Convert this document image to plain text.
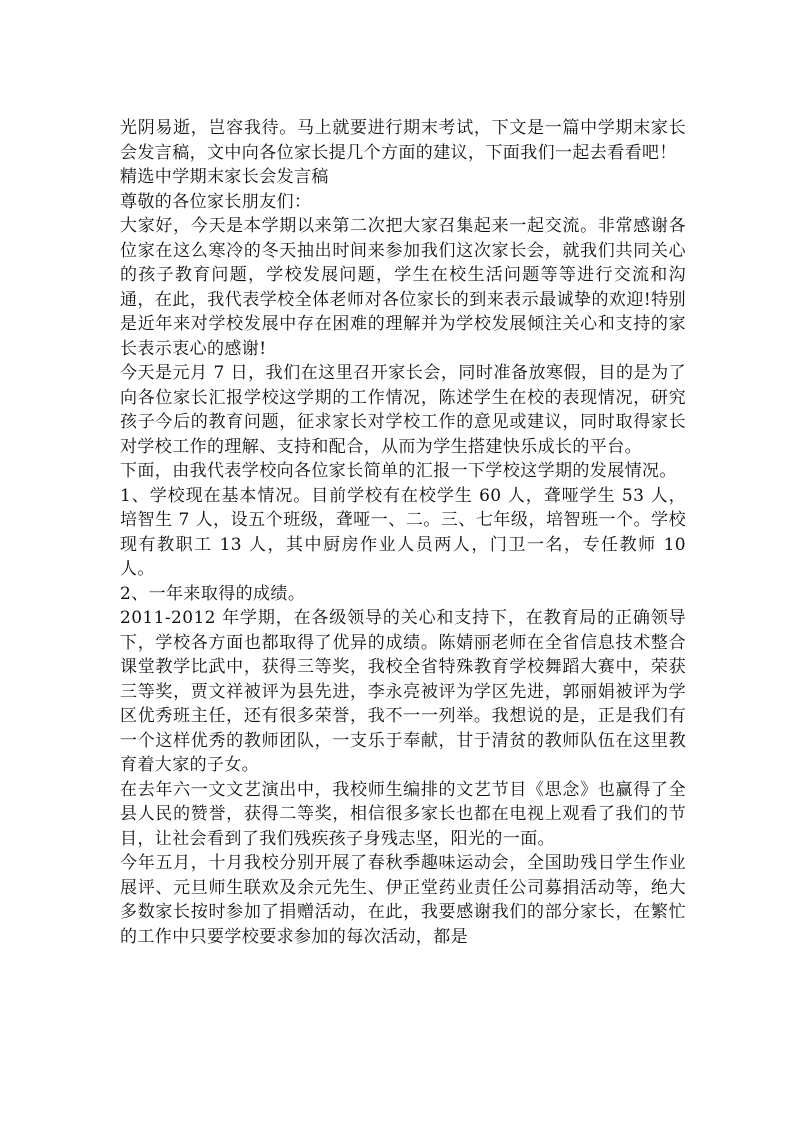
光阴易逝，岂容我待。马上就要进行期末考试，下文是一篇中学期末家长会发言稿，文中向各位家长提几个方面的建议，下面我们一起去看看吧！

精选中学期末家长会发言稿

尊敬的各位家长朋友们：

大家好，今天是本学期以来第二次把大家召集起来一起交流。非常感谢各位家在这么寒冷的冬天抽出时间来参加我们这次家长会，就我们共同关心的孩子教育问题，学校发展问题，学生在校生活问题等等进行交流和沟通，在此，我代表学校全体老师对各位家长的到来表示最诚挚的欢迎!特别是近年来对学校发展中存在困难的理解并为学校发展倾注关心和支持的家长表示衷心的感谢!

今天是元月 7 日，我们在这里召开家长会，同时准备放寒假，目的是为了向各位家长汇报学校这学期的工作情况，陈述学生在校的表现情况，研究孩子今后的教育问题，征求家长对学校工作的意见或建议，同时取得家长对学校工作的理解、支持和配合，从而为学生搭建快乐成长的平台。

下面，由我代表学校向各位家长简单的汇报一下学校这学期的发展情况。

1、学校现在基本情况。目前学校有在校学生 60 人，聋哑学生 53 人，培智生 7 人，设五个班级，聋哑一、二。三、七年级，培智班一个。学校现有教职工 13 人，其中厨房作业人员两人，门卫一名，专任教师 10 人。

2、一年来取得的成绩。

2011-2012 年学期，在各级领导的关心和支持下，在教育局的正确领导下，学校各方面也都取得了优异的成绩。陈婧丽老师在全省信息技术整合课堂教学比武中，获得三等奖，我校全省特殊教育学校舞蹈大赛中，荣获三等奖，贾文祥被评为县先进，李永亮被评为学区先进，郭丽娟被评为学区优秀班主任，还有很多荣誉，我不一一列举。我想说的是，正是我们有一个这样优秀的教师团队，一支乐于奉献，甘于清贫的教师队伍在这里教育着大家的子女。

在去年六一文文艺演出中，我校师生编排的文艺节目《思念》也赢得了全县人民的赞誉，获得二等奖，相信很多家长也都在电视上观看了我们的节目，让社会看到了我们残疾孩子身残志坚，阳光的一面。

今年五月，十月我校分别开展了春秋季趣味运动会，全国助残日学生作业展评、元旦师生联欢及余元先生、伊正堂药业责任公司募捐活动等，绝大多数家长按时参加了捐赠活动，在此，我要感谢我们的部分家长，在繁忙的工作中只要学校要求参加的每次活动，都是
